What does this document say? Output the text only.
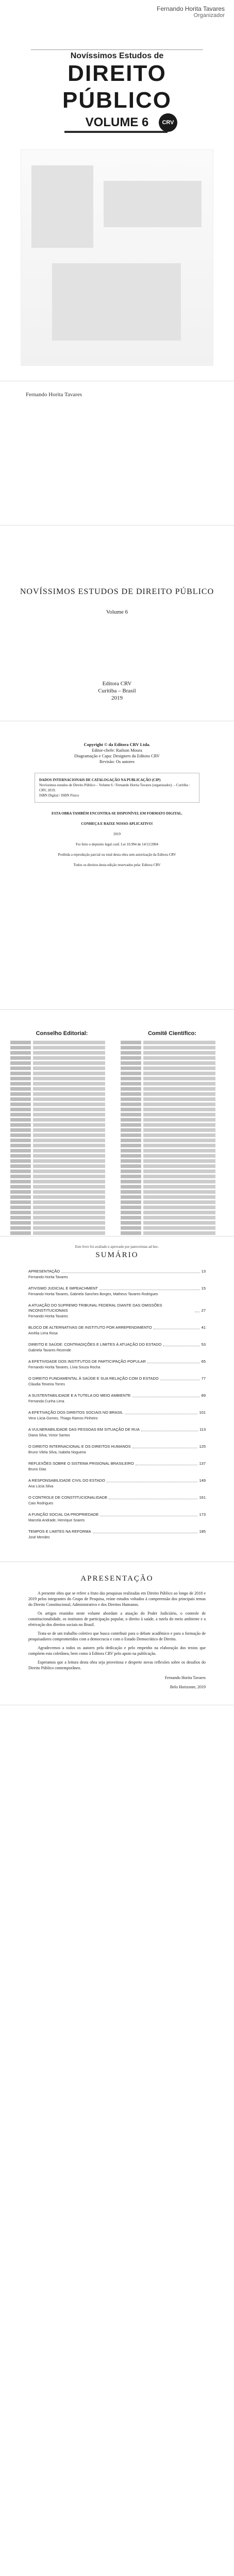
Fernando Horita Tavares
Organizador
Novíssimos Estudos de
DIREITO
PÚBLICO
VOLUME 6	CRV
Fernando Horita Tavares
NOVÍSSIMOS ESTUDOS DE DIREITO PÚBLICO
Volume 6
Editora CRV
Curitiba – Brasil
2019
Copyright © da Editora CRV Ltda.
Editor-chefe: Railson Moura
Diagramação e Capa: Designers da Editora CRV
Revisão: Os autores
DADOS INTERNACIONAIS DE CATALOGAÇÃO NA PUBLICAÇÃO (CIP)
Novíssimos estudos de Direito Público – Volume 6 / Fernando Horita Tavares (organizador). – Curitiba : CRV, 2019.
ISBN Digital / ISBN Físico
ESTA OBRA TAMBÉM ENCONTRA-SE DISPONÍVEL EM FORMATO DIGITAL.
CONHEÇA E BAIXE NOSSO APLICATIVO!
2019
Foi feito o depósito legal conf. Lei 10.994 de 14/12/2004
Proibida a reprodução parcial ou total desta obra sem autorização da Editora CRV
Todos os direitos desta edição reservados pela: Editora CRV
Conselho Editorial:	Comitê Científico:
Este livro foi avaliado e aprovado por pareceristas ad hoc.
SUMÁRIO
APRESENTAÇÃO	13
Fernando Horita Tavares
ATIVISMO JUDICIAL E IMPEACHMENT	15
Fernando Horita Tavares, Gabriela Sanches Borges, Matheus Tavares Rodrigues
A ATUAÇÃO DO SUPREMO TRIBUNAL FEDERAL DIANTE DAS OMISSÕES INCONSTITUCIONAIS	27
Fernando Horita Tavares
BLOCO DE ALTERNATIVAS DE INSTITUTO POR ARREPENDIMENTO	41
Amélia Lima Rosa
DIREITO E SAÚDE: CONTRADIÇÕES E LIMITES À ATUAÇÃO DO ESTADO	53
Gabriela Tavares Rezende
A EFETIVIDADE DOS INSTITUTOS DE PARTICIPAÇÃO POPULAR	65
Fernando Horita Tavares, Lívia Souza Rocha
O DIREITO FUNDAMENTAL À SAÚDE E SUA RELAÇÃO COM O ESTADO	77
Cláudia Teixeira Torres
A SUSTENTABILIDADE E A TUTELA DO MEIO AMBIENTE	89
Fernanda Cunha Lima
A EFETIVAÇÃO DOS DIREITOS SOCIAIS NO BRASIL	101
Vera Lúcia Gomes, Thiago Ramos Pinheiro
A VULNERABILIDADE DAS PESSOAS EM SITUAÇÃO DE RUA	113
Diana Silva, Victor Santos
O DIREITO INTERNACIONAL E OS DIREITOS HUMANOS	125
Bruno Vilela Silva, Isabela Nogueira
REFLEXÕES SOBRE O SISTEMA PRISIONAL BRASILEIRO	137
Bruno Dias
A RESPONSABILIDADE CIVIL DO ESTADO	149
Ana Lúcia Silva
O CONTROLE DE CONSTITUCIONALIDADE	161
Caio Rodrigues
A FUNÇÃO SOCIAL DA PROPRIEDADE	173
Marcela Andrade, Henrique Soares
TEMPOS E LIMITES NA REFORMA	185
José Mendes
APRESENTAÇÃO

A presente obra que se refere a fruto das pesquisas realizadas em Direito Público ao longo de 2018 e 2019 pelos integrantes do Grupo de Pesquisa, reúne estudos voltados à compreensão dos principais temas do Direito Constitucional, Administrativo e dos Direitos Humanos.

Os artigos reunidos neste volume abordam a atuação do Poder Judiciário, o controle de constitucionalidade, os institutos de participação popular, o direito à saúde, a tutela do meio ambiente e a efetivação dos direitos sociais no Brasil.

Trata-se de um trabalho coletivo que busca contribuir para o debate acadêmico e para a formação de pesquisadores comprometidos com a democracia e com o Estado Democrático de Direito.

Agradecemos a todos os autores pela dedicação e pelo empenho na elaboração dos textos que compõem esta coletânea, bem como à Editora CRV pelo apoio na publicação.

Esperamos que a leitura desta obra seja proveitosa e desperte novas reflexões sobre os desafios do Direito Público contemporâneo.

Fernando Horita Tavares
Belo Horizonte, 2019
